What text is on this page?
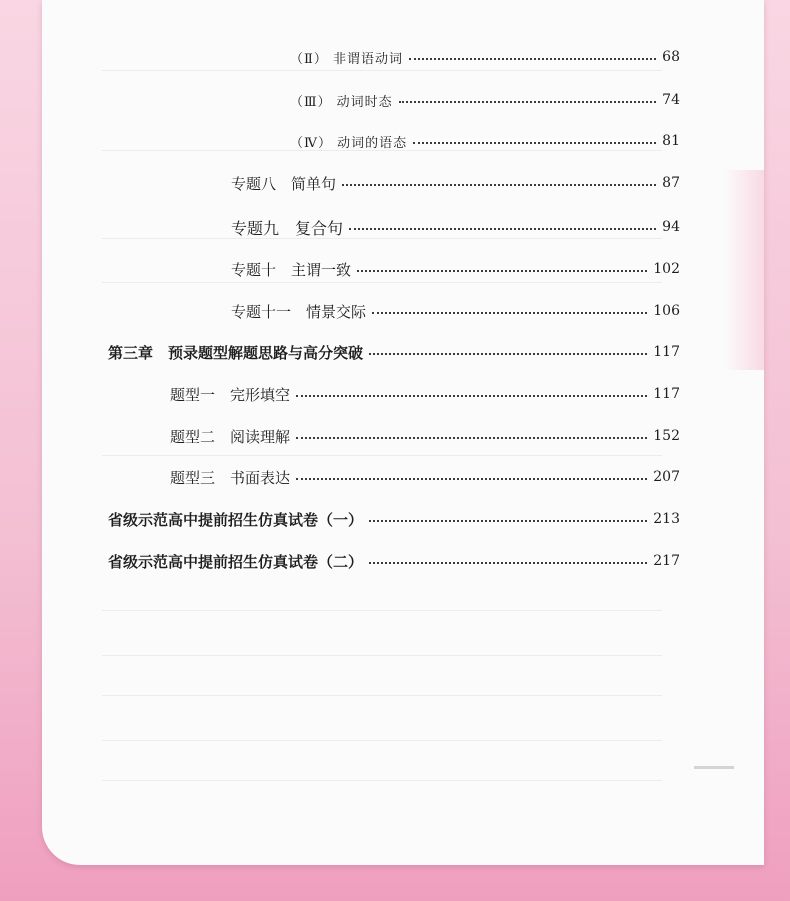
（Ⅱ） 非谓语动词	68
（Ⅲ） 动词时态	74
（Ⅳ） 动词的语态	81
专题八　简单句	87
专题九　复合句	94
专题十　主谓一致	102
专题十一　情景交际	106
第三章　预录题型解题思路与高分突破	117
题型一　完形填空	117
题型二　阅读理解	152
题型三　书面表达	207
省级示范高中提前招生仿真试卷（一）	213
省级示范高中提前招生仿真试卷（二）	217
